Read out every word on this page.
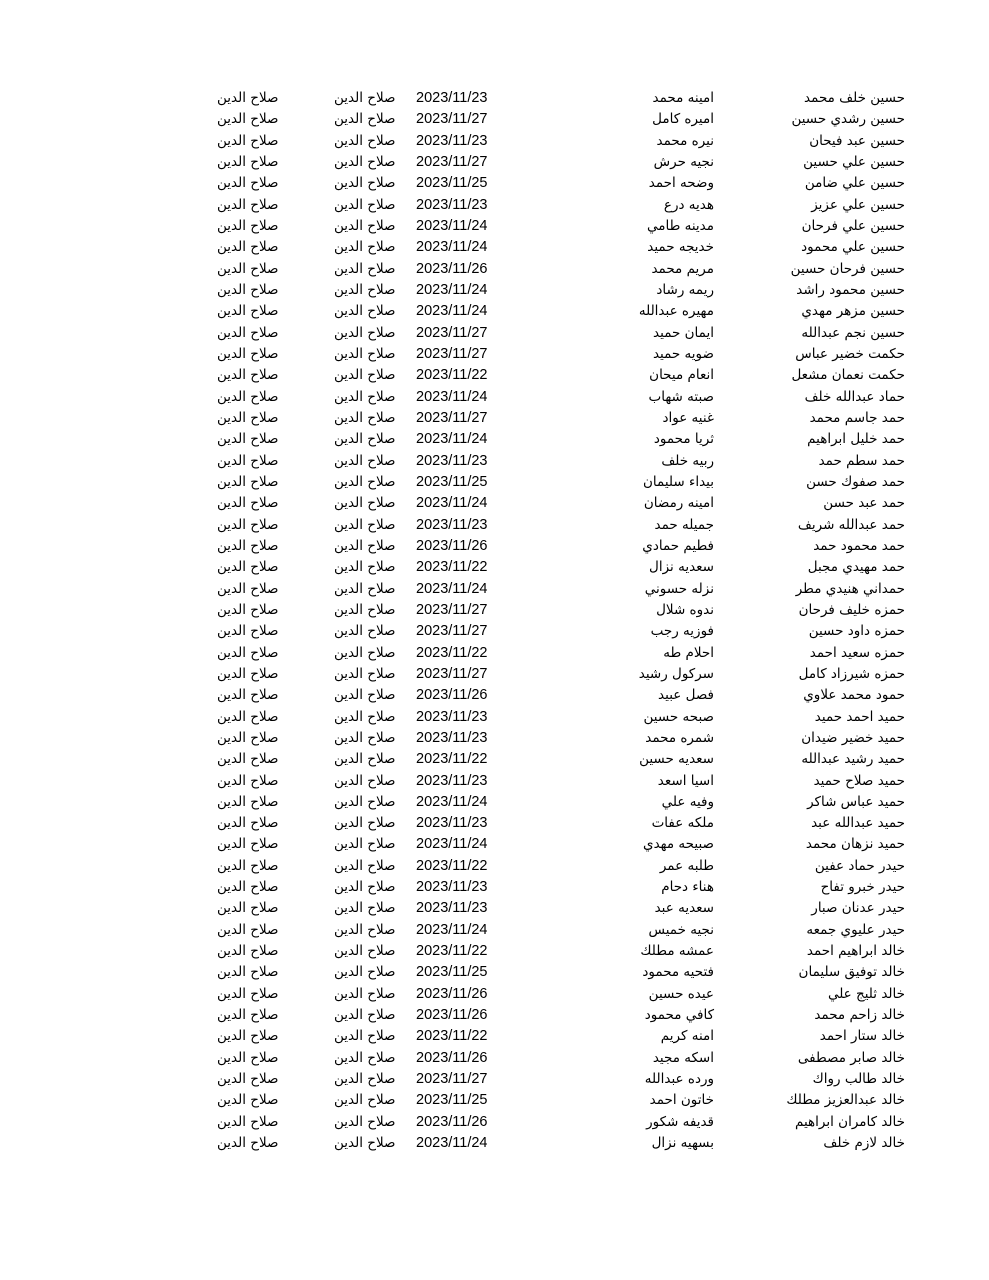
حسين خلف محمد
امينه محمد
2023/11/23
صلاح الدين
صلاح الدين
حسين رشدي حسين
اميره كامل
2023/11/27
صلاح الدين
صلاح الدين
حسين عبد فيحان
نيره محمد
2023/11/23
صلاح الدين
صلاح الدين
حسين علي حسين
نجيه حرش
2023/11/27
صلاح الدين
صلاح الدين
حسين علي ضامن
وضحه احمد
2023/11/25
صلاح الدين
صلاح الدين
حسين علي عزيز
هديه درع
2023/11/23
صلاح الدين
صلاح الدين
حسين علي فرحان
مدينه طامي
2023/11/24
صلاح الدين
صلاح الدين
حسين علي محمود
خديجه حميد
2023/11/24
صلاح الدين
صلاح الدين
حسين فرحان حسين
مريم محمد
2023/11/26
صلاح الدين
صلاح الدين
حسين محمود راشد
ريمه رشاد
2023/11/24
صلاح الدين
صلاح الدين
حسين مزهر مهدي
مهيره عبدالله
2023/11/24
صلاح الدين
صلاح الدين
حسين نجم عبدالله
ايمان حميد
2023/11/27
صلاح الدين
صلاح الدين
حكمت خضير عباس
ضويه حميد
2023/11/27
صلاح الدين
صلاح الدين
حكمت نعمان مشعل
انعام ميحان
2023/11/22
صلاح الدين
صلاح الدين
حماد عبدالله خلف
صبته شهاب
2023/11/24
صلاح الدين
صلاح الدين
حمد جاسم محمد
غنيه عواد
2023/11/27
صلاح الدين
صلاح الدين
حمد خليل ابراهيم
ثريا محمود
2023/11/24
صلاح الدين
صلاح الدين
حمد سطم حمد
ربيه خلف
2023/11/23
صلاح الدين
صلاح الدين
حمد صفوك حسن
بيداء سليمان
2023/11/25
صلاح الدين
صلاح الدين
حمد عبد حسن
امينه رمضان
2023/11/24
صلاح الدين
صلاح الدين
حمد عبدالله شريف
جميله حمد
2023/11/23
صلاح الدين
صلاح الدين
حمد محمود حمد
فطيم حمادي
2023/11/26
صلاح الدين
صلاح الدين
حمد مهيدي مجبل
سعديه نزال
2023/11/22
صلاح الدين
صلاح الدين
حمداني هنيدي مطر
نزله حسوني
2023/11/24
صلاح الدين
صلاح الدين
حمزه خليف فرحان
ندوه شلال
2023/11/27
صلاح الدين
صلاح الدين
حمزه داود حسين
فوزيه رجب
2023/11/27
صلاح الدين
صلاح الدين
حمزه سعيد احمد
احلام طه
2023/11/22
صلاح الدين
صلاح الدين
حمزه شيرزاد كامل
سركول رشيد
2023/11/27
صلاح الدين
صلاح الدين
حمود محمد علاوي
فصل عبيد
2023/11/26
صلاح الدين
صلاح الدين
حميد احمد حميد
صبحه حسين
2023/11/23
صلاح الدين
صلاح الدين
حميد خضير ضيدان
شمره محمد
2023/11/23
صلاح الدين
صلاح الدين
حميد رشيد عبدالله
سعديه حسين
2023/11/22
صلاح الدين
صلاح الدين
حميد صلاح حميد
اسيا اسعد
2023/11/23
صلاح الدين
صلاح الدين
حميد عباس شاكر
وفيه علي
2023/11/24
صلاح الدين
صلاح الدين
حميد عبدالله عبد
ملكه عفات
2023/11/23
صلاح الدين
صلاح الدين
حميد نزهان محمد
صبيحه مهدي
2023/11/24
صلاح الدين
صلاح الدين
حيدر حماد عفين
طلبه عمر
2023/11/22
صلاح الدين
صلاح الدين
حيدر خبرو تفاح
هناء دحام
2023/11/23
صلاح الدين
صلاح الدين
حيدر عدنان صبار
سعديه عبد
2023/11/23
صلاح الدين
صلاح الدين
حيدر عليوي جمعه
نجيه خميس
2023/11/24
صلاح الدين
صلاح الدين
خالد ابراهيم احمد
عمشه مطلك
2023/11/22
صلاح الدين
صلاح الدين
خالد توفيق سليمان
فتحيه محمود
2023/11/25
صلاح الدين
صلاح الدين
خالد ثليج علي
عيده حسين
2023/11/26
صلاح الدين
صلاح الدين
خالد زاحم محمد
كافي محمود
2023/11/26
صلاح الدين
صلاح الدين
خالد ستار احمد
امنه كريم
2023/11/22
صلاح الدين
صلاح الدين
خالد صابر مصطفى
اسكه مجيد
2023/11/26
صلاح الدين
صلاح الدين
خالد طالب رواك
ورده عبدالله
2023/11/27
صلاح الدين
صلاح الدين
خالد عبدالعزيز مطلك
خاتون احمد
2023/11/25
صلاح الدين
صلاح الدين
خالد كامران ابراهيم
قديفه شكور
2023/11/26
صلاح الدين
صلاح الدين
خالد لازم خلف
بسهيه نزال
2023/11/24
صلاح الدين
صلاح الدين
